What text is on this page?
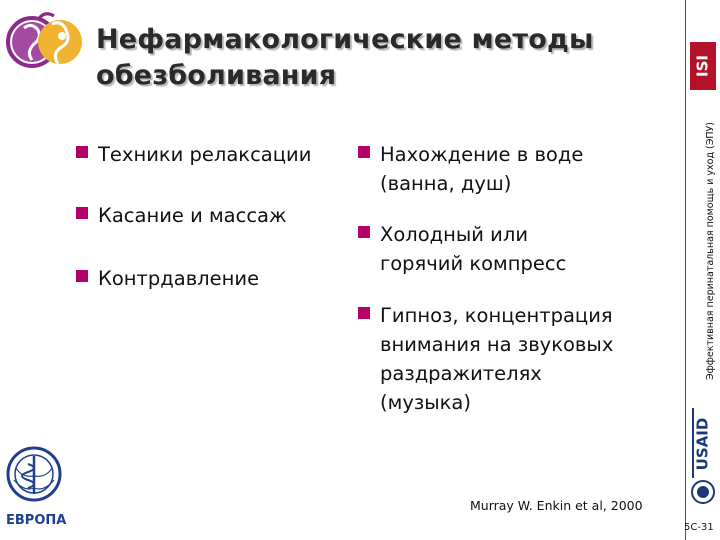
Нефармакологические методы
обезболивания
Техники релаксации
Касание и массаж
Контрдавление
Нахождение в воде
(ванна, душ)
Холодный или
горячий компресс
Гипноз, концентрация
внимания на звуковых
раздражителях
(музыка)
ISI
Эффективная перинатальная помощь и уход (ЭПУ)
USAID
ЕВРОПА
Murray W. Enkin et al, 2000
5C-31
